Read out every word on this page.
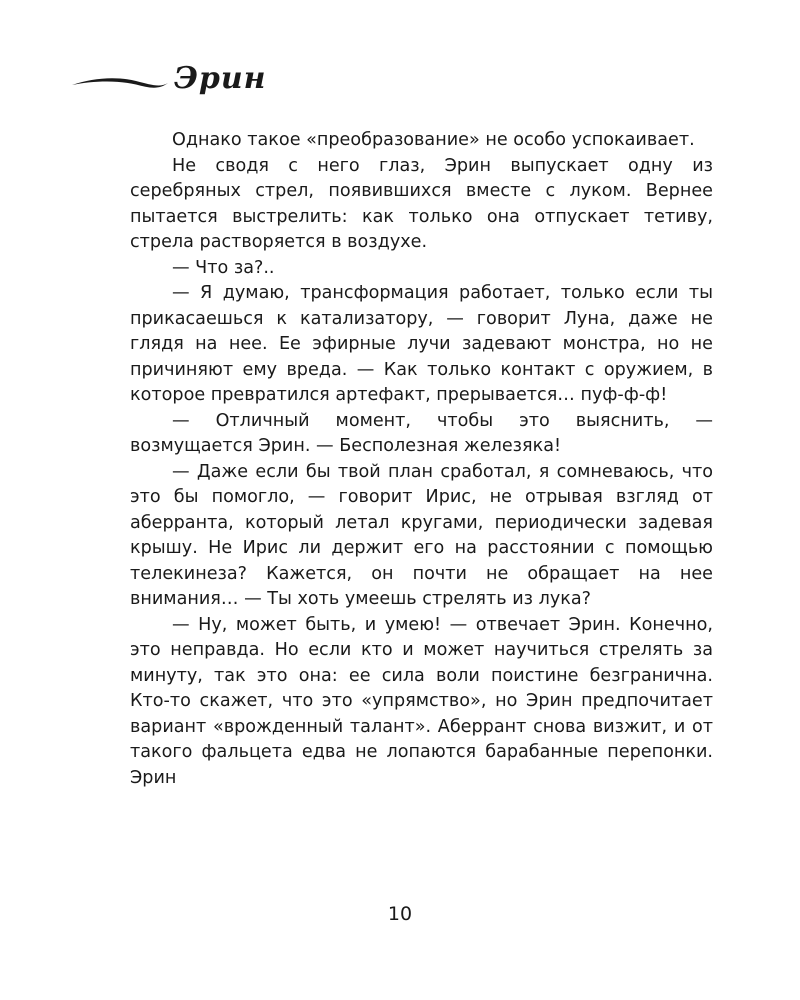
Эрин

Однако такое «преобразование» не особо успокаивает.

Не сводя с него глаз, Эрин выпускает одну из серебряных стрел, появившихся вместе с луком. Вернее пытается выстрелить: как только она отпускает тетиву, стрела растворяется в воздухе.

— Что за?..

— Я думаю, трансформация работает, только если ты прикасаешься к катализатору, — говорит Луна, даже не глядя на нее. Ее эфирные лучи задевают монстра, но не причиняют ему вреда. — Как только контакт с оружием, в которое превратился артефакт, прерывается… пуф-ф-ф!

— Отличный момент, чтобы это выяснить, — возмущается Эрин. — Бесполезная железяка!

— Даже если бы твой план сработал, я сомневаюсь, что это бы помогло, — говорит Ирис, не отрывая взгляд от аберранта, который летал кругами, периодически задевая крышу. Не Ирис ли держит его на расстоянии с помощью телекинеза? Кажется, он почти не обращает на нее внимания… — Ты хоть умеешь стрелять из лука?

— Ну, может быть, и умею! — отвечает Эрин. Конечно, это неправда. Но если кто и может научиться стрелять за минуту, так это она: ее сила воли поистине безгранична. Кто-то скажет, что это «упрямство», но Эрин предпочитает вариант «врожденный талант». Аберрант снова визжит, и от такого фальцета едва не лопаются барабанные перепонки. Эрин

10
